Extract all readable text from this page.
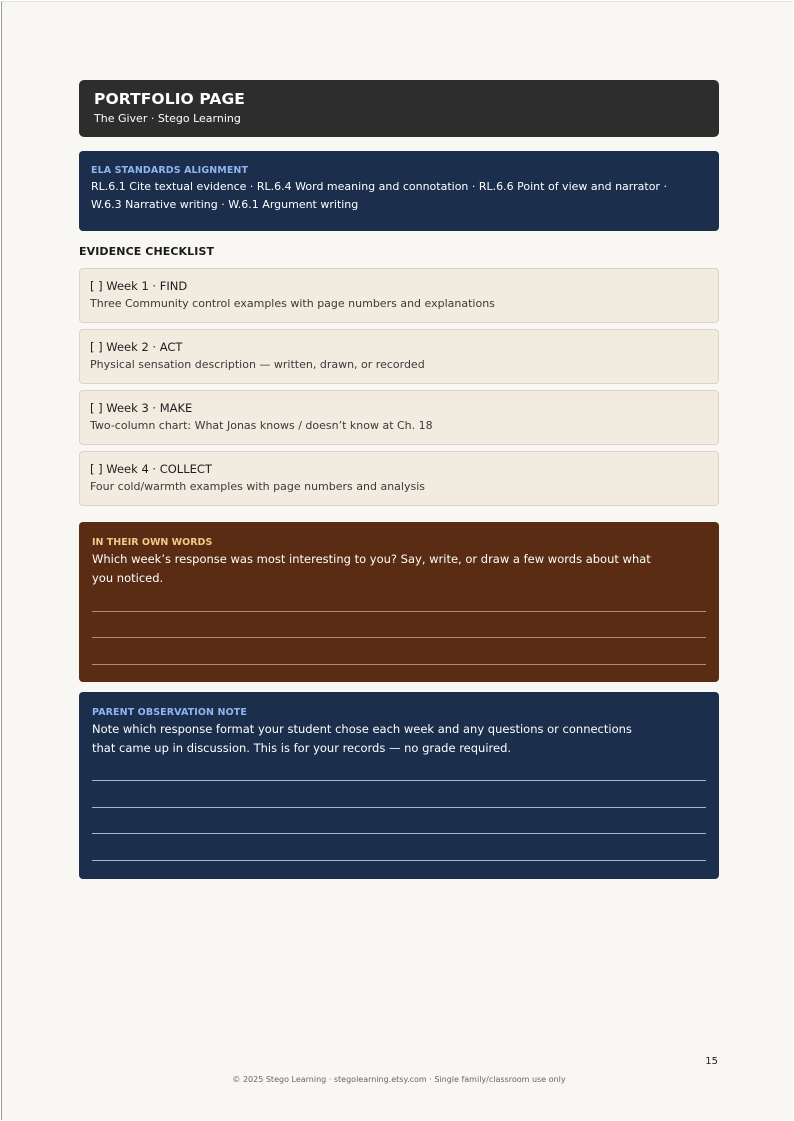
PORTFOLIO PAGE
The Giver · Stego Learning
ELA STANDARDS ALIGNMENT
RL.6.1 Cite textual evidence · RL.6.4 Word meaning and connotation · RL.6.6 Point of view and narrator ·
W.6.3 Narrative writing · W.6.1 Argument writing
EVIDENCE CHECKLIST
[ ] Week 1 · FIND
Three Community control examples with page numbers and explanations
[ ] Week 2 · ACT
Physical sensation description — written, drawn, or recorded
[ ] Week 3 · MAKE
Two-column chart: What Jonas knows / doesn’t know at Ch. 18
[ ] Week 4 · COLLECT
Four cold/warmth examples with page numbers and analysis
IN THEIR OWN WORDS
Which week’s response was most interesting to you? Say, write, or draw a few words about what
you noticed.
PARENT OBSERVATION NOTE
Note which response format your student chose each week and any questions or connections
that came up in discussion. This is for your records — no grade required.
15
© 2025 Stego Learning · stegolearning.etsy.com · Single family/classroom use only
